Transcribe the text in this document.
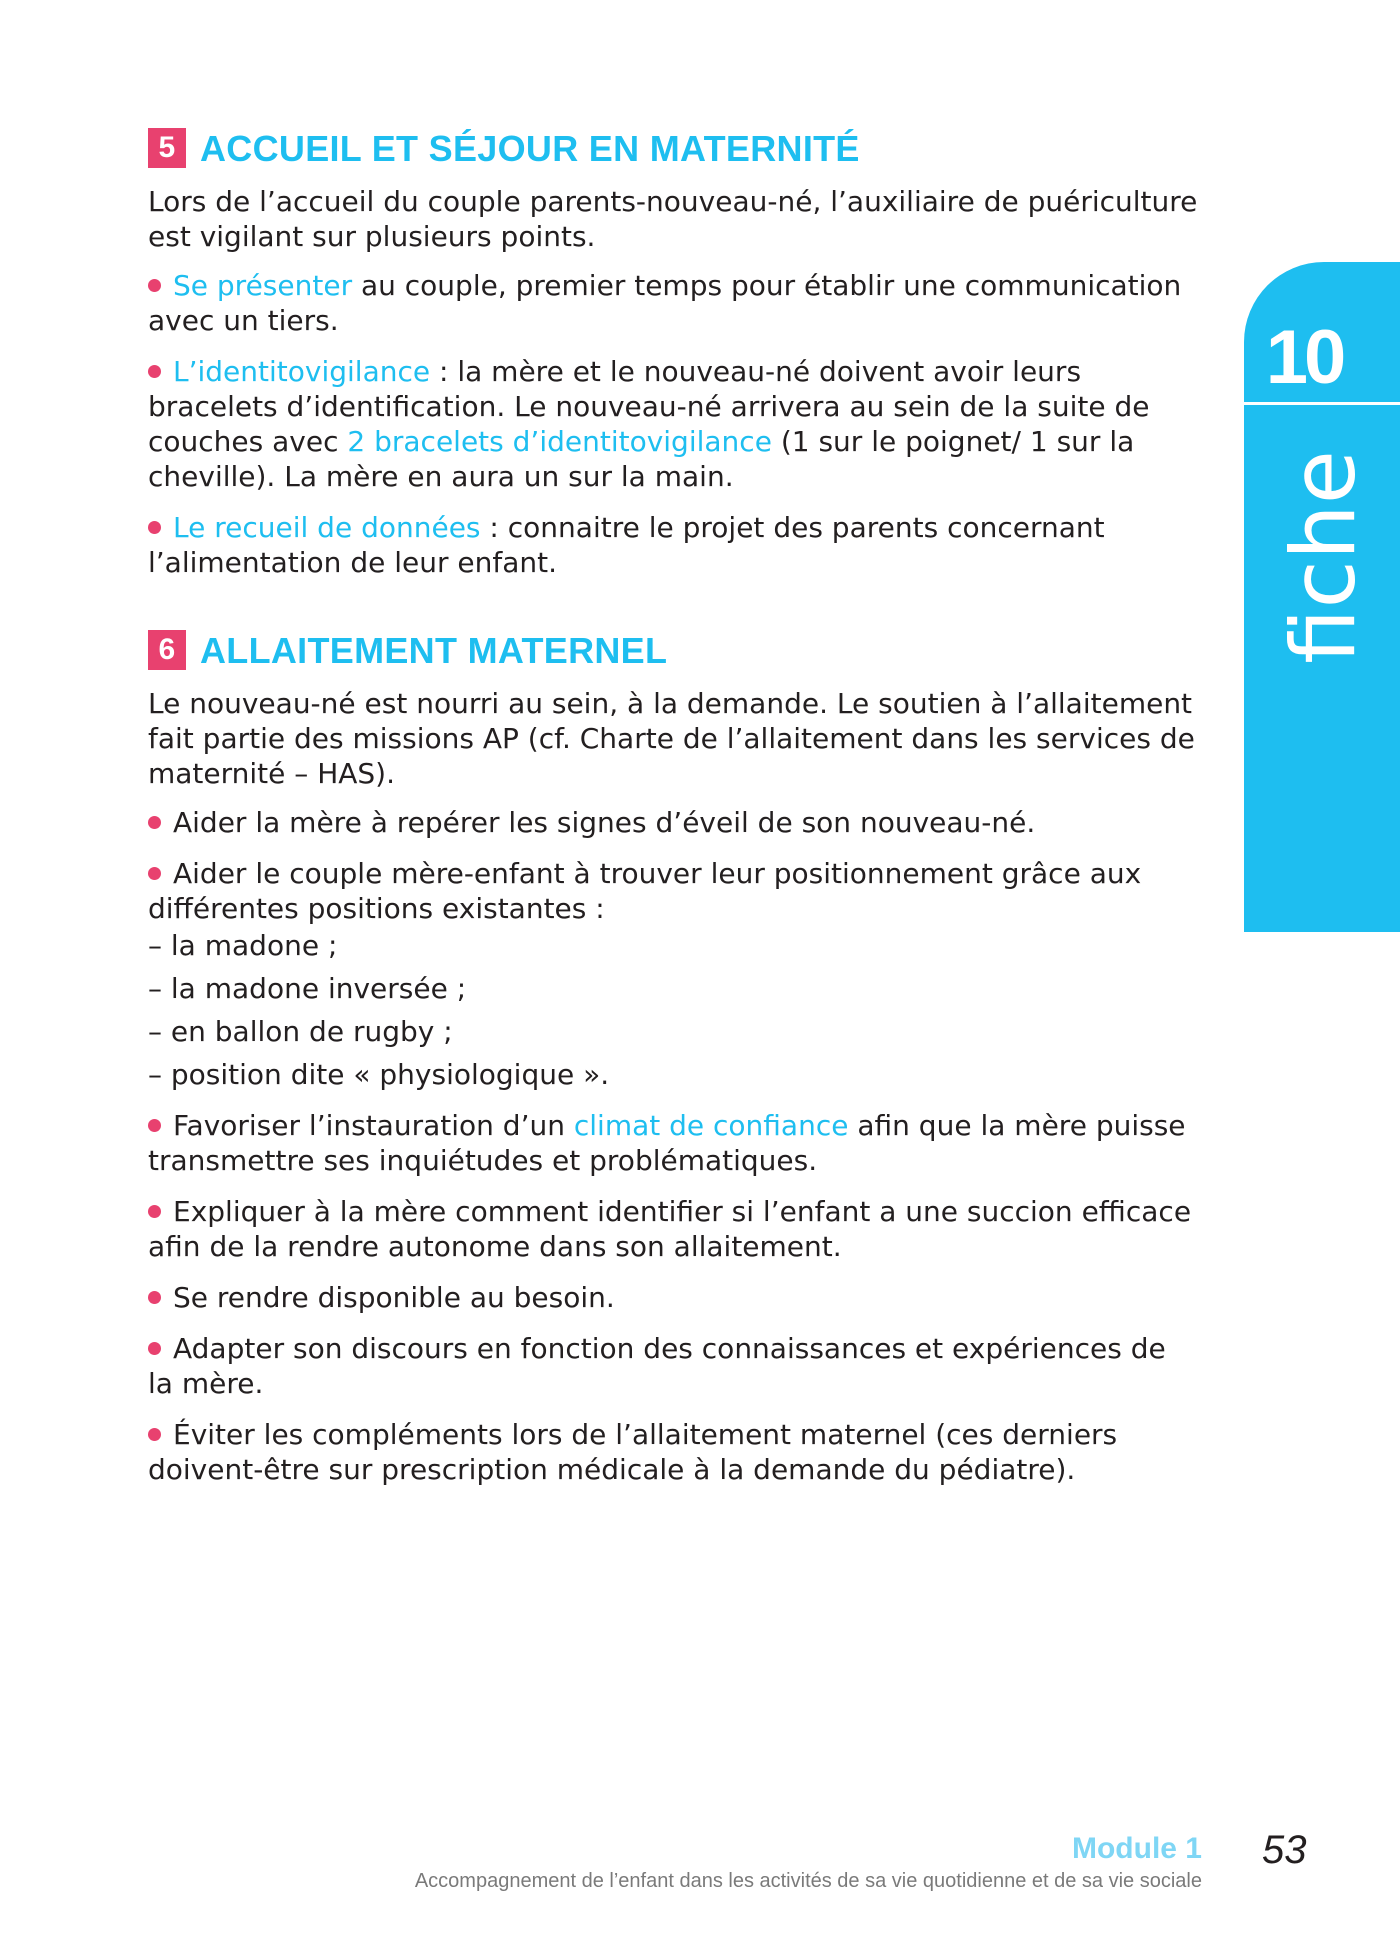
5 ACCUEIL ET SÉJOUR EN MATERNITÉ

Lors de l’accueil du couple parents-nouveau-né, l’auxiliaire de puériculture est vigilant sur plusieurs points.

Se présenter au couple, premier temps pour établir une communication avec un tiers.

L’identitovigilance : la mère et le nouveau-né doivent avoir leurs bracelets d’identification. Le nouveau-né arrivera au sein de la suite de couches avec 2 bracelets d’identitovigilance (1 sur le poignet/ 1 sur la cheville). La mère en aura un sur la main.

Le recueil de données : connaitre le projet des parents concernant l’alimentation de leur enfant.

6 ALLAITEMENT MATERNEL

Le nouveau-né est nourri au sein, à la demande. Le soutien à l’allaitement fait partie des missions AP (cf. Charte de l’allaitement dans les services de maternité – HAS).

Aider la mère à repérer les signes d’éveil de son nouveau-né.

Aider le couple mère-enfant à trouver leur positionnement grâce aux différentes positions existantes :

– la madone ;

– la madone inversée ;

– en ballon de rugby ;

– position dite « physiologique ».

Favoriser l’instauration d’un climat de confiance afin que la mère puisse transmettre ses inquiétudes et problématiques.

Expliquer à la mère comment identifier si l’enfant a une succion efficace afin de la rendre autonome dans son allaitement.

Se rendre disponible au besoin.

Adapter son discours en fonction des connaissances et expériences de la mère.

Éviter les compléments lors de l’allaitement maternel (ces derniers doivent-être sur prescription médicale à la demande du pédiatre).

10
fiche
Module 1
Accompagnement de l’enfant dans les activités de sa vie quotidienne et de sa vie sociale
53
